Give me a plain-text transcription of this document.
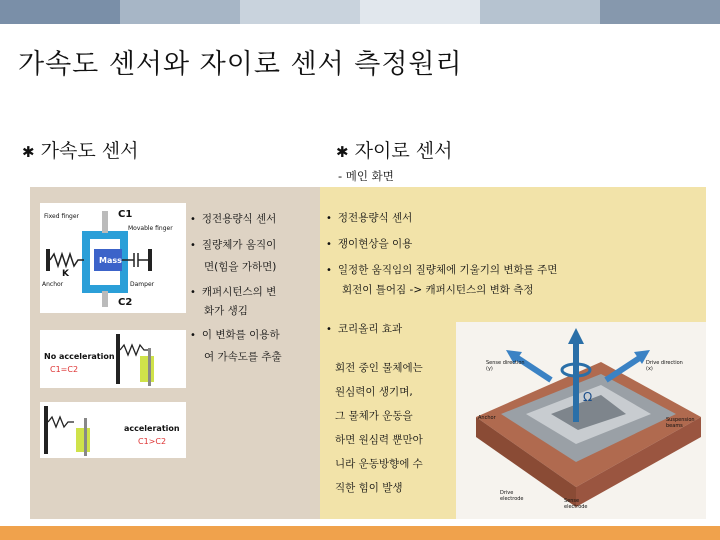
가속도 센서와 자이로 센서 측정원리
✱ 가속도 센서	✱ 자이로 센서
- 메인 화면
Fixed finger	C1
Movable finger
Mass
K
Anchor	Damper
C2
No acceleration
C1=C2
acceleration
C1>C2
• 정전용량식 센서
• 질량체가 움직이
면(힘을 가하면)
• 캐퍼시턴스의 변
화가 생김
• 이 변화를 이용하
여 가속도를 추출
• 정전용량식 센서
• 쟁이현상을 이용
• 일정한 움직임의 질량체에 기울기의 변화를 주면
회전이 틀어짐 -> 캐퍼시턴스의 변화 측정
• 코리올리 효과
회전 중인 물체에는
원심력이 생기며,
그 물체가 운동을
하면 원심력 뿐만아
니라 운동방향에 수
직한 힘이 발생
Ω
Sense direction (y)
Drive direction (x)
Suspension beams
Anchor
Drive electrode	Sense electrode
